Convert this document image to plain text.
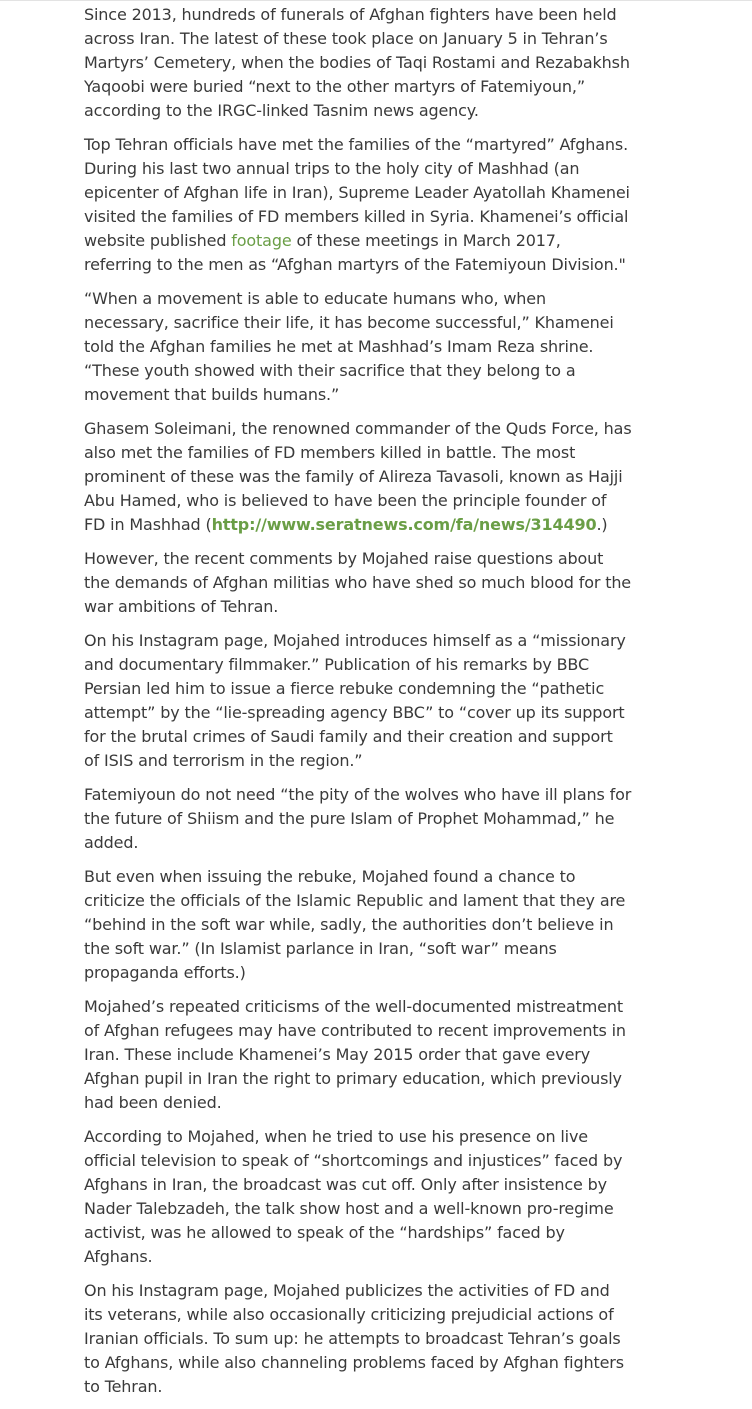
Since 2013, hundreds of funerals of Afghan fighters have been held across Iran. The latest of these took place on January 5 in Tehran’s Martyrs’ Cemetery, when the bodies of Taqi Rostami and Rezabakhsh Yaqoobi were buried “next to the other martyrs of Fatemiyoun,” according to the IRGC-linked Tasnim news agency.

Top Tehran officials have met the families of the “martyred” Afghans. During his last two annual trips to the holy city of Mashhad (an epicenter of Afghan life in Iran), Supreme Leader Ayatollah Khamenei visited the families of FD members killed in Syria. Khamenei’s official website published footage of these meetings in March 2017, referring to the men as “Afghan martyrs of the Fatemiyoun Division."

“When a movement is able to educate humans who, when necessary, sacrifice their life, it has become successful,” Khamenei told the Afghan families he met at Mashhad’s Imam Reza shrine. “These youth showed with their sacrifice that they belong to a movement that builds humans.”

Ghasem Soleimani, the renowned commander of the Quds Force, has also met the families of FD members killed in battle. The most prominent of these was the family of Alireza Tavasoli, known as Hajji Abu Hamed, who is believed to have been the principle founder of FD in Mashhad (http://www.seratnews.com/fa/news/314490.)

However, the recent comments by Mojahed raise questions about the demands of Afghan militias who have shed so much blood for the war ambitions of Tehran.

On his Instagram page, Mojahed introduces himself as a “missionary and documentary filmmaker.” Publication of his remarks by BBC Persian led him to issue a fierce rebuke condemning the “pathetic attempt” by the “lie-spreading agency BBC” to “cover up its support for the brutal crimes of Saudi family and their creation and support of ISIS and terrorism in the region.”

Fatemiyoun do not need “the pity of the wolves who have ill plans for the future of Shiism and the pure Islam of Prophet Mohammad,” he added.

But even when issuing the rebuke, Mojahed found a chance to criticize the officials of the Islamic Republic and lament that they are “behind in the soft war while, sadly, the authorities don’t believe in the soft war.” (In Islamist parlance in Iran, “soft war” means propaganda efforts.)

Mojahed’s repeated criticisms of the well-documented mistreatment of Afghan refugees may have contributed to recent improvements in Iran. These include Khamenei’s May 2015 order that gave every Afghan pupil in Iran the right to primary education, which previously had been denied.

According to Mojahed, when he tried to use his presence on live official television to speak of “shortcomings and injustices” faced by Afghans in Iran, the broadcast was cut off. Only after insistence by Nader Talebzadeh, the talk show host and a well-known pro-regime activist, was he allowed to speak of the “hardships” faced by Afghans.

On his Instagram page, Mojahed publicizes the activities of FD and its veterans, while also occasionally criticizing prejudicial actions of Iranian officials. To sum up: he attempts to broadcast Tehran’s goals to Afghans, while also channeling problems faced by Afghan fighters to Tehran.
